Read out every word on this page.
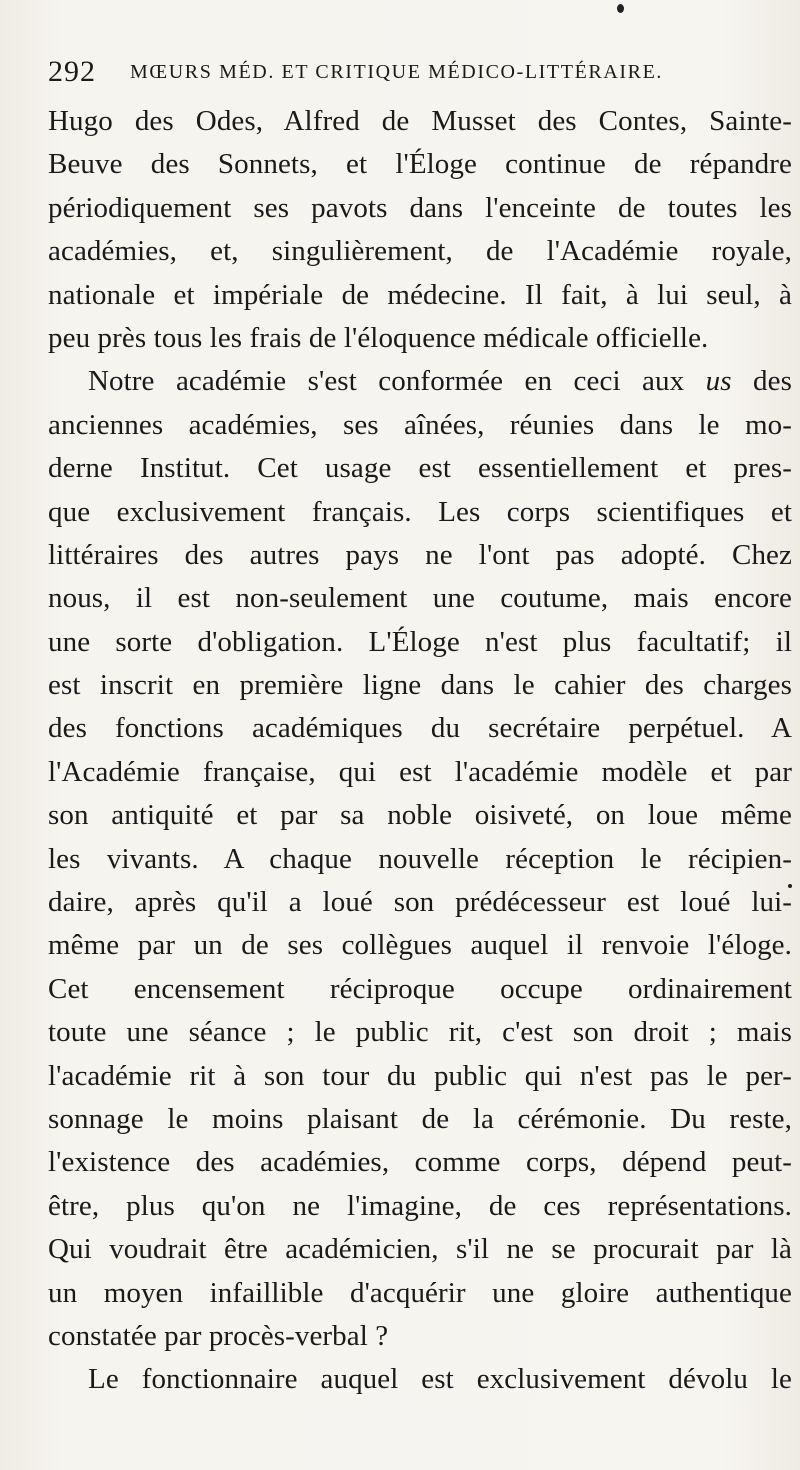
292 MŒURS MÉD. ET CRITIQUE MÉDICO-LITTÉRAIRE.
Hugo des Odes, Alfred de Musset des Contes, Sainte-
Beuve des Sonnets, et l'Éloge continue de répandre
périodiquement ses pavots dans l'enceinte de toutes les
académies, et, singulièrement, de l'Académie royale,
nationale et impériale de médecine. Il fait, à lui seul, à
peu près tous les frais de l'éloquence médicale officielle.
Notre académie s'est conformée en ceci aux us des
anciennes académies, ses aînées, réunies dans le mo-
derne Institut. Cet usage est essentiellement et pres-
que exclusivement français. Les corps scientifiques et
littéraires des autres pays ne l'ont pas adopté. Chez
nous, il est non-seulement une coutume, mais encore
une sorte d'obligation. L'Éloge n'est plus facultatif; il
est inscrit en première ligne dans le cahier des charges
des fonctions académiques du secrétaire perpétuel. A
l'Académie française, qui est l'académie modèle et par
son antiquité et par sa noble oisiveté, on loue même
les vivants. A chaque nouvelle réception le récipien-
daire, après qu'il a loué son prédécesseur est loué lui-
même par un de ses collègues auquel il renvoie l'éloge.
Cet encensement réciproque occupe ordinairement
toute une séance ; le public rit, c'est son droit ; mais
l'académie rit à son tour du public qui n'est pas le per-
sonnage le moins plaisant de la cérémonie. Du reste,
l'existence des académies, comme corps, dépend peut-
être, plus qu'on ne l'imagine, de ces représentations.
Qui voudrait être académicien, s'il ne se procurait par là
un moyen infaillible d'acquérir une gloire authentique
constatée par procès-verbal ?
Le fonctionnaire auquel est exclusivement dévolu le
